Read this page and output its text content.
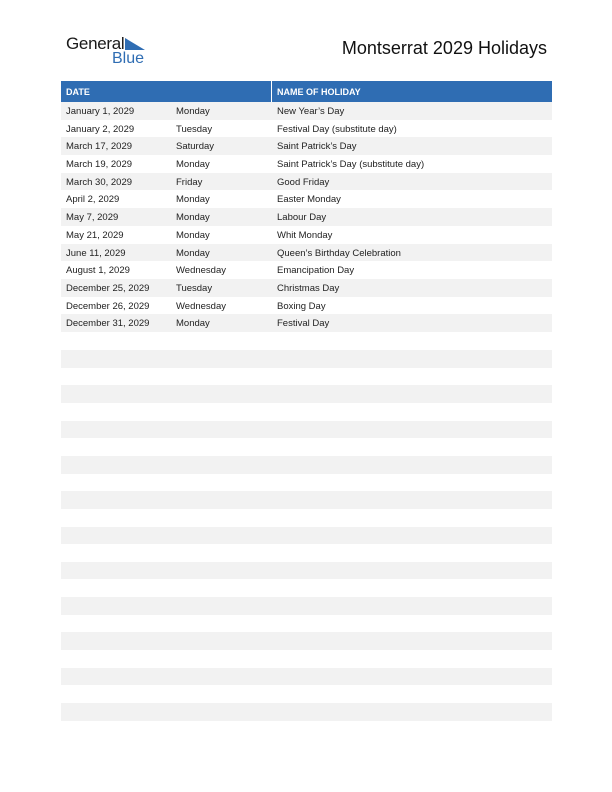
General
Blue
Montserrat 2029 Holidays
DATE	NAME OF HOLIDAY
January 1, 2029	Monday	New Year’s Day
January 2, 2029	Tuesday	Festival Day (substitute day)
March 17, 2029	Saturday	Saint Patrick’s Day
March 19, 2029	Monday	Saint Patrick’s Day (substitute day)
March 30, 2029	Friday	Good Friday
April 2, 2029	Monday	Easter Monday
May 7, 2029	Monday	Labour Day
May 21, 2029	Monday	Whit Monday
June 11, 2029	Monday	Queen’s Birthday Celebration
August 1, 2029	Wednesday	Emancipation Day
December 25, 2029	Tuesday	Christmas Day
December 26, 2029	Wednesday	Boxing Day
December 31, 2029	Monday	Festival Day
